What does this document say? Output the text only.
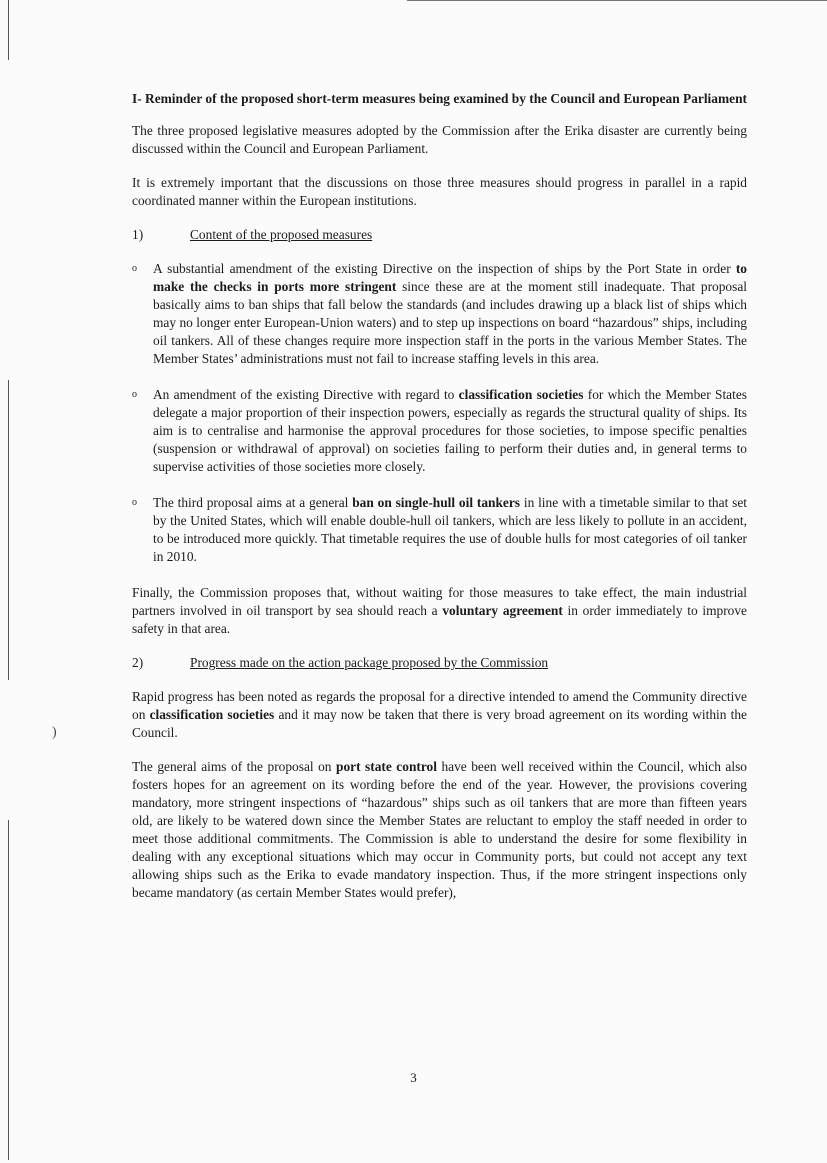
)
I- Reminder of the proposed short-term measures being examined by the Council and European Parliament

The three proposed legislative measures adopted by the Commission after the Erika disaster are currently being discussed within the Council and European Parliament.

It is extremely important that the discussions on those three measures should progress in parallel in a rapid coordinated manner within the European institutions.

1)	Content of the proposed measures
o A substantial amendment of the existing Directive on the inspection of ships by the Port State in order to make the checks in ports more stringent since these are at the moment still inadequate. That proposal basically aims to ban ships that fall below the standards (and includes drawing up a black list of ships which may no longer enter European-Union waters) and to step up inspections on board “hazardous” ships, including oil tankers. All of these changes require more inspection staff in the ports in the various Member States. The Member States’ administrations must not fail to increase staffing levels in this area.
o An amendment of the existing Directive with regard to classification societies for which the Member States delegate a major proportion of their inspection powers, especially as regards the structural quality of ships. Its aim is to centralise and harmonise the approval procedures for those societies, to impose specific penalties (suspension or withdrawal of approval) on societies failing to perform their duties and, in general terms to supervise activities of those societies more closely.
o The third proposal aims at a general ban on single-hull oil tankers in line with a timetable similar to that set by the United States, which will enable double-hull oil tankers, which are less likely to pollute in an accident, to be introduced more quickly. That timetable requires the use of double hulls for most categories of oil tanker in 2010.

Finally, the Commission proposes that, without waiting for those measures to take effect, the main industrial partners involved in oil transport by sea should reach a voluntary agreement in order immediately to improve safety in that area.

2)	Progress made on the action package proposed by the Commission

Rapid progress has been noted as regards the proposal for a directive intended to amend the Community directive on classification societies and it may now be taken that there is very broad agreement on its wording within the Council.

The general aims of the proposal on port state control have been well received within the Council, which also fosters hopes for an agreement on its wording before the end of the year. However, the provisions covering mandatory, more stringent inspections of “hazardous” ships such as oil tankers that are more than fifteen years old, are likely to be watered down since the Member States are reluctant to employ the staff needed in order to meet those additional commitments. The Commission is able to understand the desire for some flexibility in dealing with any exceptional situations which may occur in Community ports, but could not accept any text allowing ships such as the Erika to evade mandatory inspection. Thus, if the more stringent inspections only became mandatory (as certain Member States would prefer),

3
